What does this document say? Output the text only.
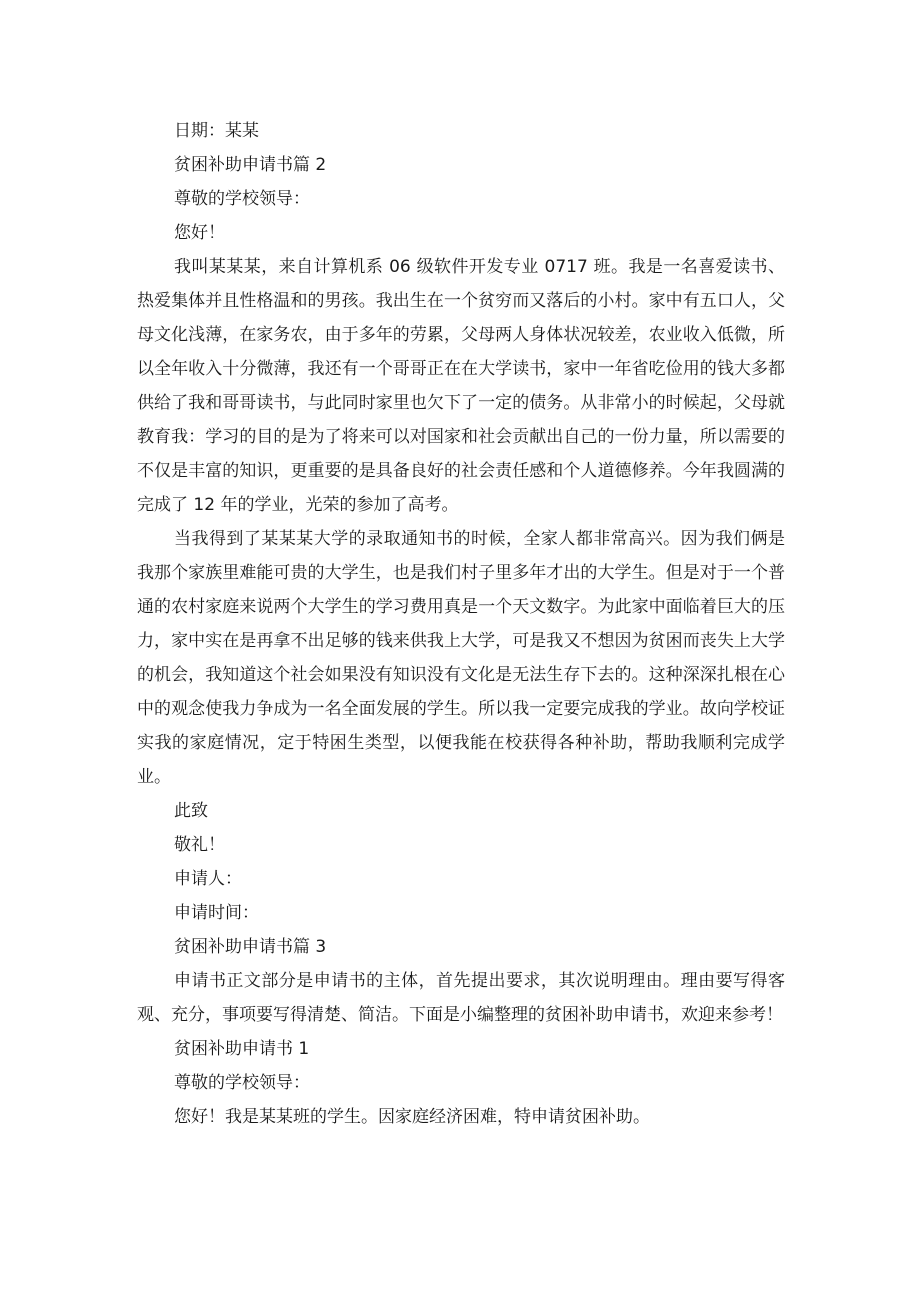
日期：某某

贫困补助申请书篇 2

尊敬的学校领导：

您好！

我叫某某某，来自计算机系 06 级软件开发专业 0717 班。我是一名喜爱读书、热爱集体并且性格温和的男孩。我出生在一个贫穷而又落后的小村。家中有五口人，父母文化浅薄，在家务农，由于多年的劳累，父母两人身体状况较差，农业收入低微，所以全年收入十分微薄，我还有一个哥哥正在在大学读书，家中一年省吃俭用的钱大多都供给了我和哥哥读书，与此同时家里也欠下了一定的债务。从非常小的时候起，父母就教育我：学习的目的是为了将来可以对国家和社会贡献出自己的一份力量，所以需要的不仅是丰富的知识，更重要的是具备良好的社会责任感和个人道德修养。今年我圆满的完成了 12 年的学业，光荣的参加了高考。

当我得到了某某某大学的录取通知书的时候，全家人都非常高兴。因为我们俩是我那个家族里难能可贵的大学生，也是我们村子里多年才出的大学生。但是对于一个普通的农村家庭来说两个大学生的学习费用真是一个天文数字。为此家中面临着巨大的压力，家中实在是再拿不出足够的钱来供我上大学，可是我又不想因为贫困而丧失上大学的机会，我知道这个社会如果没有知识没有文化是无法生存下去的。这种深深扎根在心中的观念使我力争成为一名全面发展的学生。所以我一定要完成我的学业。故向学校证实我的家庭情况，定于特困生类型，以便我能在校获得各种补助，帮助我顺利完成学业。

此致

敬礼！

申请人：

申请时间：

贫困补助申请书篇 3

申请书正文部分是申请书的主体，首先提出要求，其次说明理由。理由要写得客观、充分，事项要写得清楚、简洁。下面是小编整理的贫困补助申请书，欢迎来参考！

贫困补助申请书 1

尊敬的学校领导：

您好！我是某某班的学生。因家庭经济困难，特申请贫困补助。
